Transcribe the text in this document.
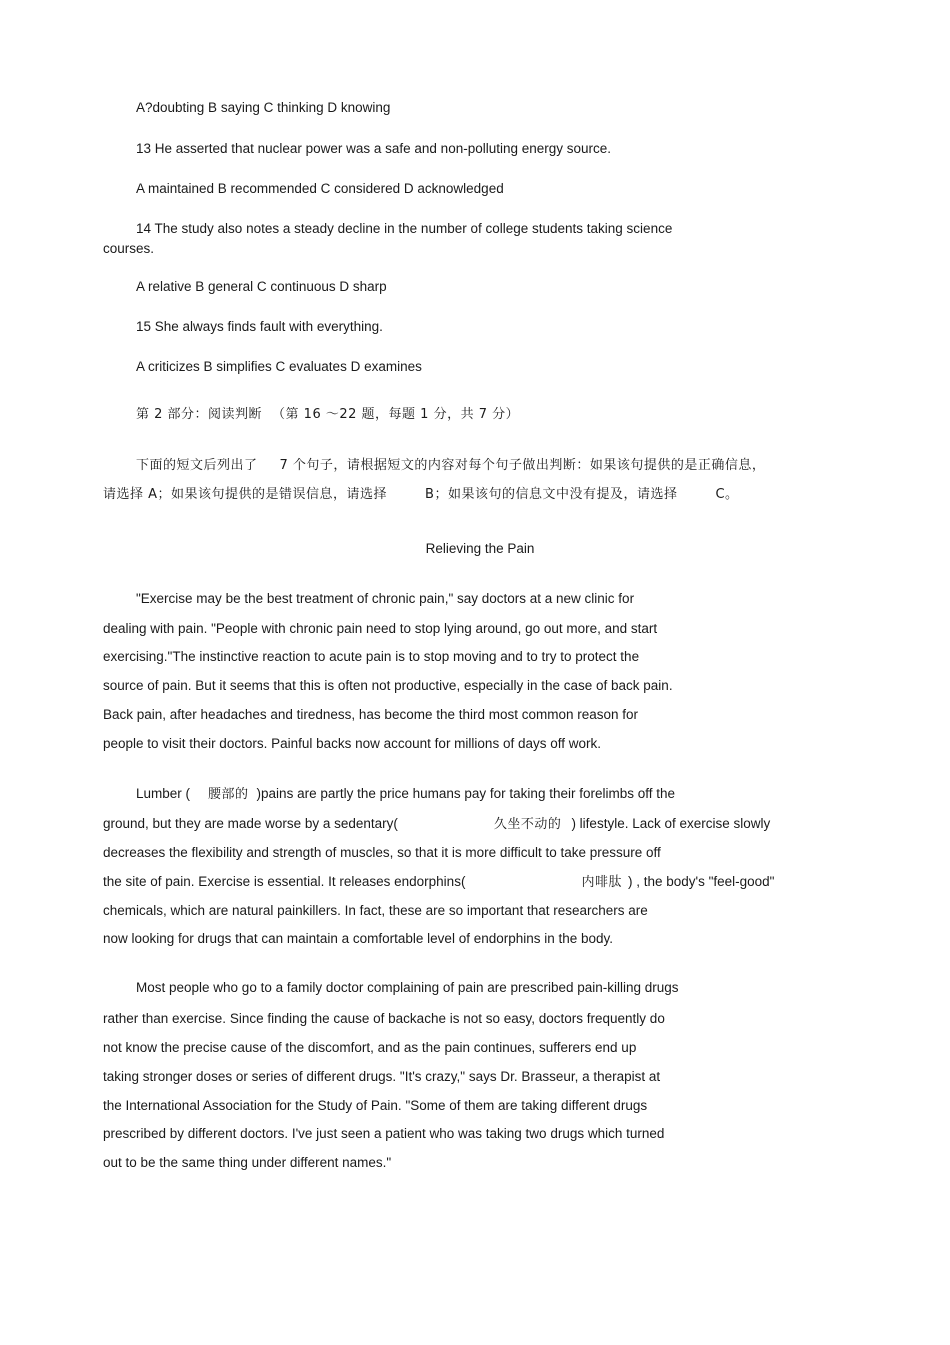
A?doubting B saying C thinking D knowing
13 He asserted that nuclear power was a safe and non-polluting energy source.
A maintained B recommended C considered D acknowledged
14 The study also notes a steady decline in the number of college students taking science
courses.
A relative B general C continuous D sharp
15 She always finds fault with everything.
A criticizes B simplifies C evaluates D examines
第 2 部分：阅读判断 （第 16 ～22 题，每题 1 分，共 7 分）
下面的短文后列出了 7 个句子，请根据短文的内容对每个句子做出判断：如果该句提供的是正确信息，
请选择 A；如果该句提供的是错误信息，请选择	B；如果该句的信息文中没有提及，请选择	C。
Relieving the Pain
"Exercise may be the best treatment of chronic pain," say doctors at a new clinic for
dealing with pain. "People with chronic pain need to stop lying around, go out more, and start
exercising."The instinctive reaction to acute pain is to stop moving and to try to protect the
source of pain. But it seems that this is often not productive, especially in the case of back pain.
Back pain, after headaches and tiredness, has become the third most common reason for
people to visit their doctors. Painful backs now account for millions of days off work.
Lumber ( 腰部的 )pains are partly the price humans pay for taking their forelimbs off the
ground, but they are made worse by a sedentary(	久坐不动的 ) lifestyle. Lack of exercise slowly
decreases the flexibility and strength of muscles, so that it is more difficult to take pressure off
the site of pain. Exercise is essential. It releases endorphins(	内啡肽 ) , the body's "feel-good"
chemicals, which are natural painkillers. In fact, these are so important that researchers are
now looking for drugs that can maintain a comfortable level of endorphins in the body.
Most people who go to a family doctor complaining of pain are prescribed pain-killing drugs
rather than exercise. Since finding the cause of backache is not so easy, doctors frequently do
not know the precise cause of the discomfort, and as the pain continues, sufferers end up
taking stronger doses or series of different drugs. "It's crazy," says Dr. Brasseur, a therapist at
the International Association for the Study of Pain. "Some of them are taking different drugs
prescribed by different doctors. I've just seen a patient who was taking two drugs which turned
out to be the same thing under different names."
